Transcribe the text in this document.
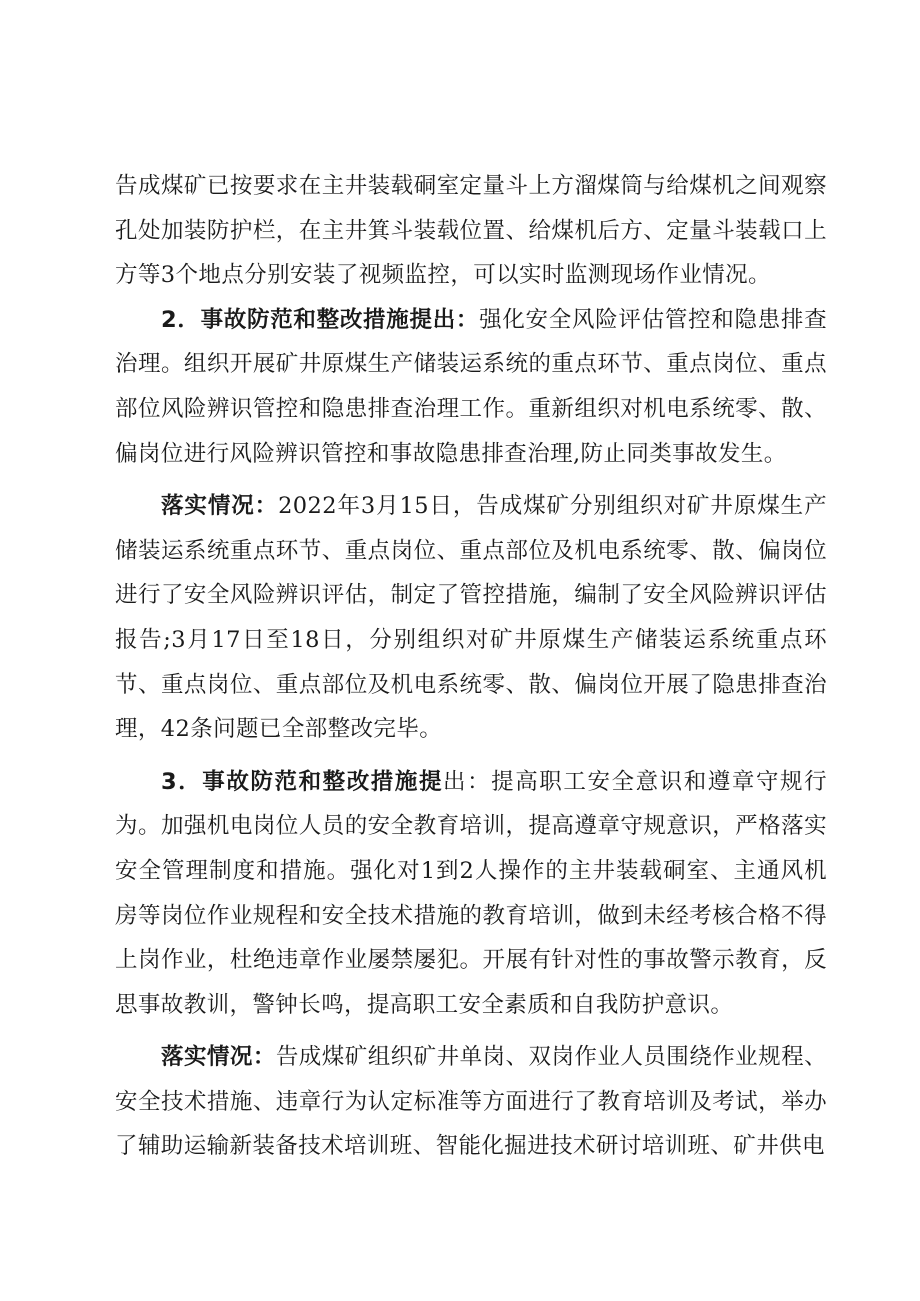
告成煤矿已按要求在主井装载硐室定量斗上方溜煤筒与给煤机之间观察孔处加装防护栏，在主井箕斗装载位置、给煤机后方、定量斗装载口上方等3个地点分别安装了视频监控，可以实时监测现场作业情况。

2．事故防范和整改措施提出：强化安全风险评估管控和隐患排查治理。组织开展矿井原煤生产储装运系统的重点环节、重点岗位、重点部位风险辨识管控和隐患排查治理工作。重新组织对机电系统零、散、偏岗位进行风险辨识管控和事故隐患排查治理,防止同类事故发生。

落实情况：2022年3月15日，告成煤矿分别组织对矿井原煤生产储装运系统重点环节、重点岗位、重点部位及机电系统零、散、偏岗位进行了安全风险辨识评估，制定了管控措施，编制了安全风险辨识评估报告;3月17日至18日，分别组织对矿井原煤生产储装运系统重点环节、重点岗位、重点部位及机电系统零、散、偏岗位开展了隐患排查治理，42条问题已全部整改完毕。

3．事故防范和整改措施提出：提高职工安全意识和遵章守规行为。加强机电岗位人员的安全教育培训，提高遵章守规意识，严格落实安全管理制度和措施。强化对1到2人操作的主井装载硐室、主通风机房等岗位作业规程和安全技术措施的教育培训，做到未经考核合格不得上岗作业，杜绝违章作业屡禁屡犯。开展有针对性的事故警示教育，反思事故教训，警钟长鸣，提高职工安全素质和自我防护意识。

落实情况：告成煤矿组织矿井单岗、双岗作业人员围绕作业规程、安全技术措施、违章行为认定标准等方面进行了教育培训及考试，举办了辅助运输新装备技术培训班、智能化掘进技术研讨培训班、矿井供电
